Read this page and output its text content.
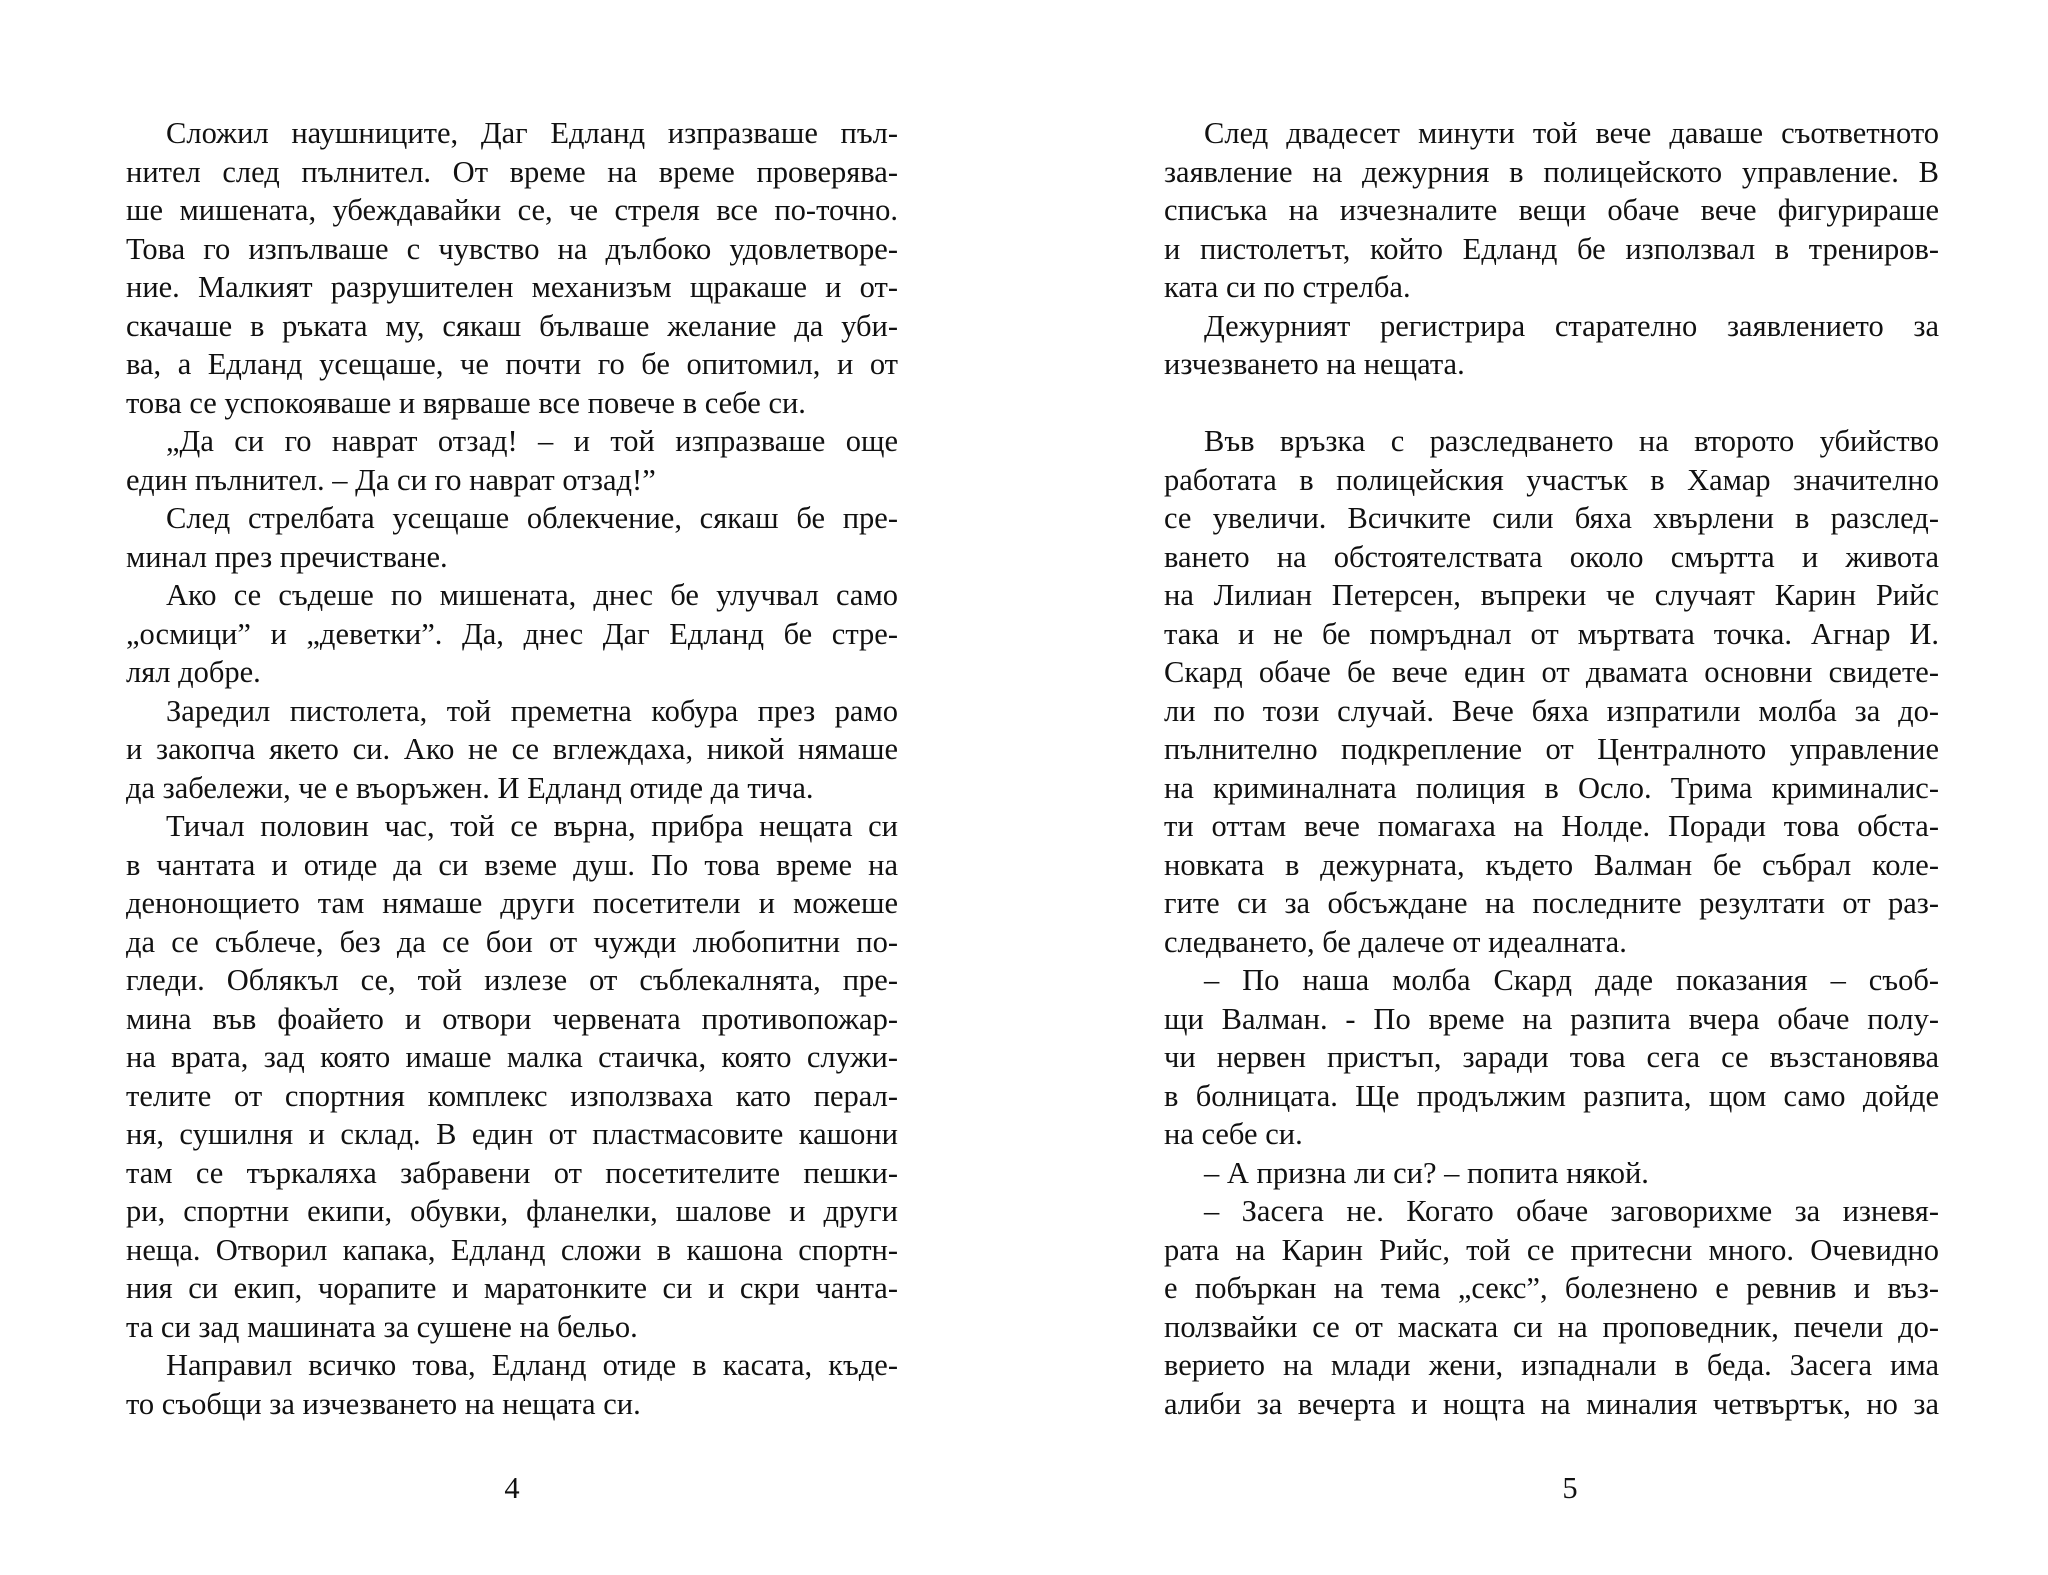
Сложил наушниците, Даг Едланд изпразваше пъл-
нител след пълнител. От време на време проверява-
ше мишената, убеждавайки се, че стреля все по-точно.
Това го изпълваше с чувство на дълбоко удовлетворе-
ние. Малкият разрушителен механизъм щракаше и от-
скачаше в ръката му, сякаш бълваше желание да уби-
ва, а Едланд усещаше, че почти го бе опитомил, и от
това се успокояваше и вярваше все повече в себе си.
„Да си го наврат отзад! – и той изпразваше още
един пълнител. – Да си го наврат отзад!”
След стрелбата усещаше облекчение, сякаш бе пре-
минал през пречистване.
Ако се съдеше по мишената, днес бе улучвал само
„осмици” и „деветки”. Да, днес Даг Едланд бе стре-
лял добре.
Заредил пистолета, той преметна кобура през рамо
и закопча якето си. Ако не се вглеждаха, никой нямаше
да забележи, че е въоръжен. И Едланд отиде да тича.
Тичал половин час, той се върна, прибра нещата си
в чантата и отиде да си вземе душ. По това време на
денонощието там нямаше други посетители и можеше
да се съблече, без да се бои от чужди любопитни по-
гледи. Облякъл се, той излезе от съблекалнята, пре-
мина във фоайето и отвори червената противопожар-
на врата, зад която имаше малка стаичка, която служи-
телите от спортния комплекс използваха като перал-
ня, сушилня и склад. В един от пластмасовите кашони
там се търкаляха забравени от посетителите пешки-
ри, спортни екипи, обувки, фланелки, шалове и други
неща. Отворил капака, Едланд сложи в кашона спортн-
ния си екип, чорапите и маратонките си и скри чанта-
та си зад машината за сушене на бельо.
Направил всичко това, Едланд отиде в касата, къде-
то съобщи за изчезването на нещата си.
4
След двадесет минути той вече даваше съответното
заявление на дежурния в полицейското управление. В
списъка на изчезналите вещи обаче вече фигурираше
и пистолетът, който Едланд бе използвал в трениров-
ката си по стрелба.
Дежурният регистрира старателно заявлението за
изчезването на нещата.
Във връзка с разследването на второто убийство
работата в полицейския участък в Хамар значително
се увеличи. Всичките сили бяха хвърлени в разслед-
ването на обстоятелствата около смъртта и живота
на Лилиан Петерсен, въпреки че случаят Карин Рийс
така и не бе помръднал от мъртвата точка. Агнар И.
Скард обаче бе вече един от двамата основни свидете-
ли по този случай. Вече бяха изпратили молба за до-
пълнително подкрепление от Централното управление
на криминалната полиция в Осло. Трима криминалис-
ти оттам вече помагаха на Нолде. Поради това обста-
новката в дежурната, където Валман бе събрал коле-
гите си за обсъждане на последните резултати от раз-
следването, бе далече от идеалната.
– По наша молба Скард даде показания – съоб-
щи Валман. - По време на разпита вчера обаче полу-
чи нервен пристъп, заради това сега се възстановява
в болницата. Ще продължим разпита, щом само дойде
на себе си.
– А призна ли си? – попита някой.
– Засега не. Когато обаче заговорихме за изневя-
рата на Карин Рийс, той се притесни много. Очевидно
е побъркан на тема „секс”, болезнено е ревнив и въз-
ползвайки се от маската си на проповедник, печели до-
верието на млади жени, изпаднали в беда. Засега има
алиби за вечерта и нощта на миналия четвъртък, но за
5
